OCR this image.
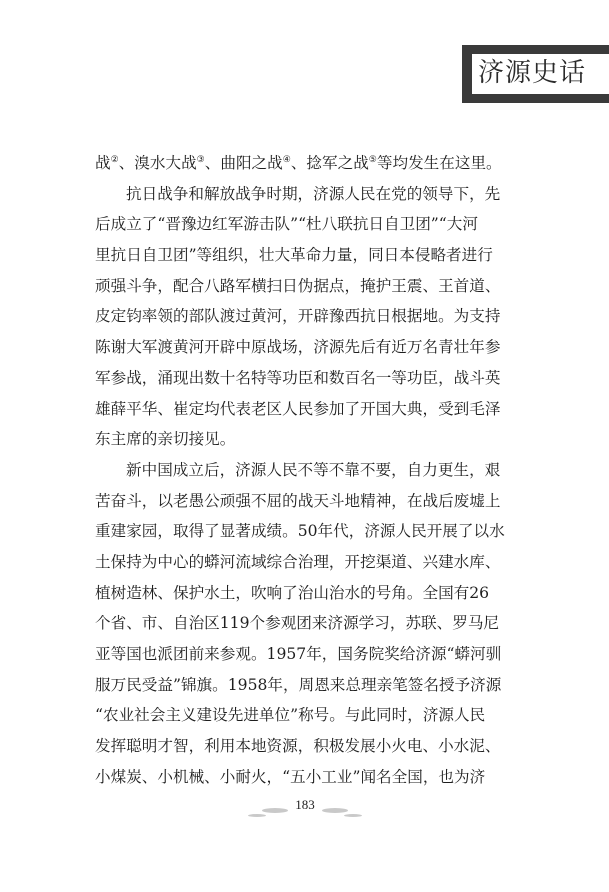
济源史话
战②、溴水大战③、曲阳之战④、捻军之战⑤等均发生在这里。
抗日战争和解放战争时期，济源人民在党的领导下，先
后成立了“晋豫边红军游击队”“杜八联抗日自卫团”“大河
里抗日自卫团”等组织，壮大革命力量，同日本侵略者进行
顽强斗争，配合八路军横扫日伪据点，掩护王震、王首道、
皮定钧率领的部队渡过黄河，开辟豫西抗日根据地。为支持
陈谢大军渡黄河开辟中原战场，济源先后有近万名青壮年参
军参战，涌现出数十名特等功臣和数百名一等功臣，战斗英
雄薛平华、崔定均代表老区人民参加了开国大典，受到毛泽
东主席的亲切接见。
新中国成立后，济源人民不等不靠不要，自力更生，艰
苦奋斗，以老愚公顽强不屈的战天斗地精神，在战后废墟上
重建家园，取得了显著成绩。50年代，济源人民开展了以水
土保持为中心的蟒河流域综合治理，开挖渠道、兴建水库、
植树造林、保护水土，吹响了治山治水的号角。全国有26
个省、市、自治区119个参观团来济源学习，苏联、罗马尼
亚等国也派团前来参观。1957年，国务院奖给济源“蟒河驯
服万民受益”锦旗。1958年，周恩来总理亲笔签名授予济源
“农业社会主义建设先进单位”称号。与此同时，济源人民
发挥聪明才智，利用本地资源，积极发展小火电、小水泥、
小煤炭、小机械、小耐火，“五小工业”闻名全国，也为济
183
